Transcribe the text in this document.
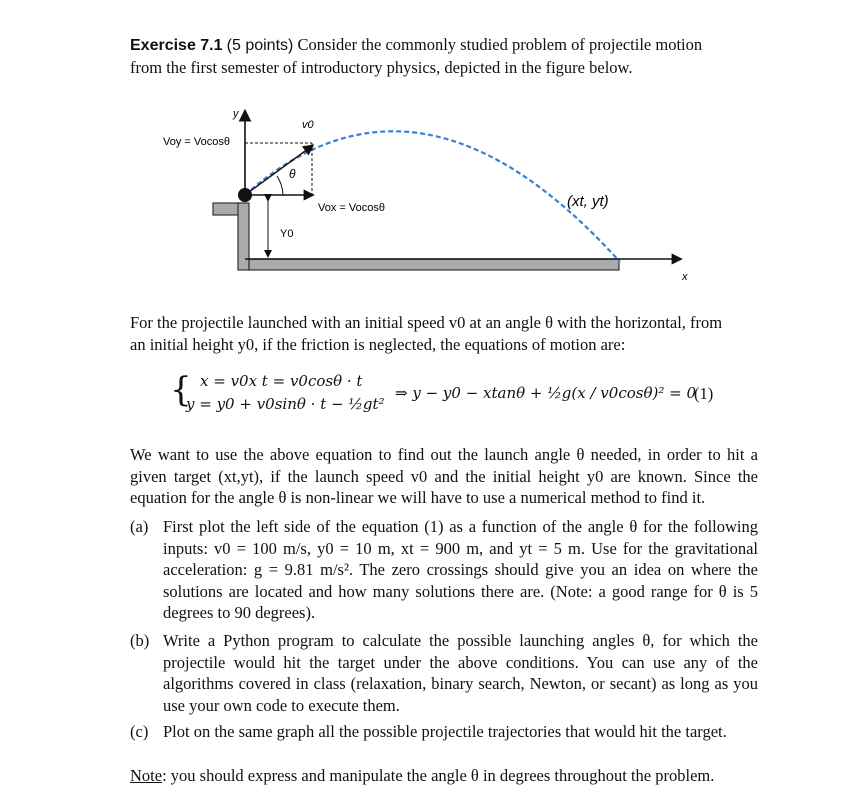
Exercise 7.1 (5 points) Consider the commonly studied problem of projectile motion
from the first semester of introductory physics, depicted in the figure below.
y
x
Voy = Vocosθ
v0
θ
Vox = Vocosθ
Y0
(xt, yt)
For the projectile launched with an initial speed v0 at an angle θ with the horizontal, from
an initial height y0, if the friction is neglected, the equations of motion are:
{ x = v0x t = v0cosθ · t
y = y0 + v0sinθ · t − ½gt²
⇒ y − y0 − xtanθ + ½g(x / v0cosθ)² = 0
(1)
We want to use the above equation to find out the launch angle θ needed, in order to hit a given target (xt,yt), if the launch speed v0 and the initial height y0 are known. Since the equation for the angle θ is non-linear we will have to use a numerical method to find it.
(a) First plot the left side of the equation (1) as a function of the angle θ for the following inputs: v0 = 100 m/s, y0 = 10 m, xt = 900 m, and yt = 5 m. Use for the gravitational acceleration: g = 9.81 m/s². The zero crossings should give you an idea on where the solutions are located and how many solutions there are. (Note: a good range for θ is 5 degrees to 90 degrees).
(b) Write a Python program to calculate the possible launching angles θ, for which the projectile would hit the target under the above conditions. You can use any of the algorithms covered in class (relaxation, binary search, Newton, or secant) as long as you use your own code to execute them.
(c) Plot on the same graph all the possible projectile trajectories that would hit the target.
Note: you should express and manipulate the angle θ in degrees throughout the problem.
